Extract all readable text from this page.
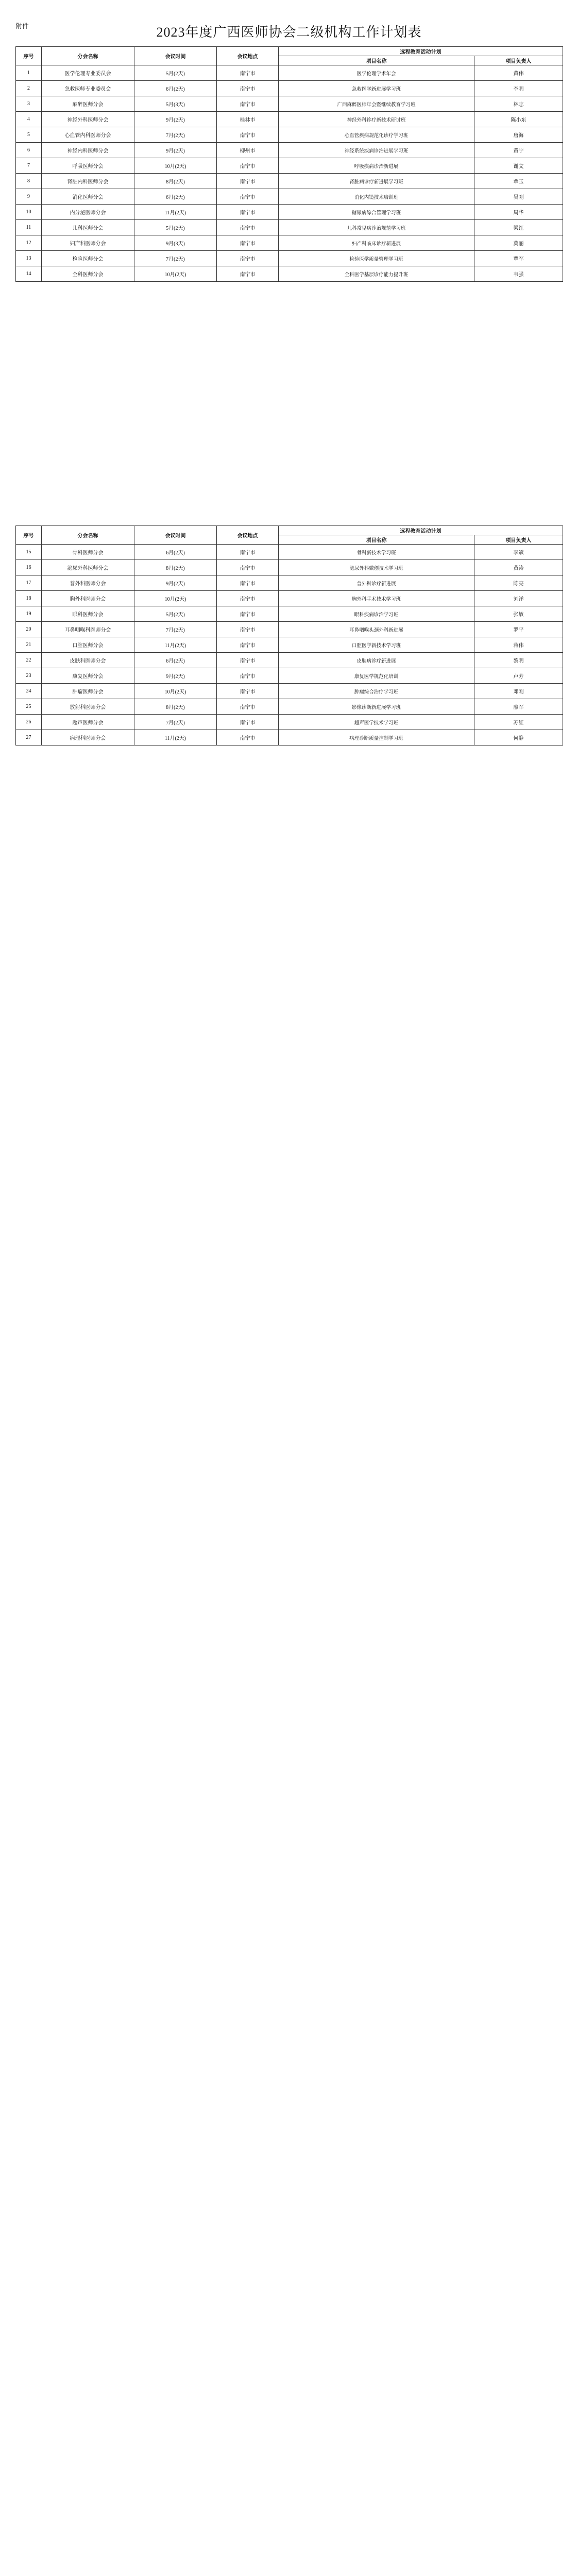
附件	2023年度广西医师协会二级机构工作计划表
序号	分会名称	会议时间	会议地点	远程教育活动计划	
				项目名称	项目负责人
1	医学伦理专业委员会	5月(2天)	南宁市	医学伦理学术年会	黄伟
2	急救医师专业委员会	6月(2天)	南宁市	急救医学新进展学习班	李明
3	麻醉医师分会	5月(3天)	南宁市	广西麻醉医师年会暨继续教育学习班	林志
4	神经外科医师分会	9月(2天)	桂林市	神经外科诊疗新技术研讨班	陈小东
5	心血管内科医师分会	7月(2天)	南宁市	心血管疾病规范化诊疗学习班	唐海
6	神经内科医师分会	9月(2天)	柳州市	神经系统疾病诊治进展学习班	黄宁
7	呼吸医师分会	10月(2天)	南宁市	呼吸疾病诊治新进展	谢文
8	肾脏内科医师分会	8月(2天)	南宁市	肾脏病诊疗新进展学习班	覃玉
9	消化医师分会	6月(2天)	南宁市	消化内镜技术培训班	吴刚
10	内分泌医师分会	11月(2天)	南宁市	糖尿病综合管理学习班	周华
11	儿科医师分会	5月(2天)	南宁市	儿科常见病诊治规范学习班	梁红
12	妇产科医师分会	9月(3天)	南宁市	妇产科临床诊疗新进展	莫丽
13	检验医师分会	7月(2天)	南宁市	检验医学质量管理学习班	覃军
14	全科医师分会	10月(2天)	南宁市	全科医学基层诊疗能力提升班	韦强
序号	分会名称	会议时间	会议地点	远程教育活动计划	
				项目名称	项目负责人
15	骨科医师分会	6月(2天)	南宁市	骨科新技术学习班	李斌
16	泌尿外科医师分会	8月(2天)	南宁市	泌尿外科微创技术学习班	黄涛
17	普外科医师分会	9月(2天)	南宁市	普外科诊疗新进展	陈亮
18	胸外科医师分会	10月(2天)	南宁市	胸外科手术技术学习班	刘洋
19	眼科医师分会	5月(2天)	南宁市	眼科疾病诊治学习班	张敏
20	耳鼻咽喉科医师分会	7月(2天)	南宁市	耳鼻咽喉头颈外科新进展	罗平
21	口腔医师分会	11月(2天)	南宁市	口腔医学新技术学习班	蒋伟
22	皮肤科医师分会	6月(2天)	南宁市	皮肤病诊疗新进展	黎明
23	康复医师分会	9月(2天)	南宁市	康复医学规范化培训	卢芳
24	肿瘤医师分会	10月(2天)	南宁市	肿瘤综合治疗学习班	邓刚
25	放射科医师分会	8月(2天)	南宁市	影像诊断新进展学习班	廖军
26	超声医师分会	7月(2天)	南宁市	超声医学技术学习班	苏红
27	病理科医师分会	11月(2天)	南宁市	病理诊断质量控制学习班	何静
